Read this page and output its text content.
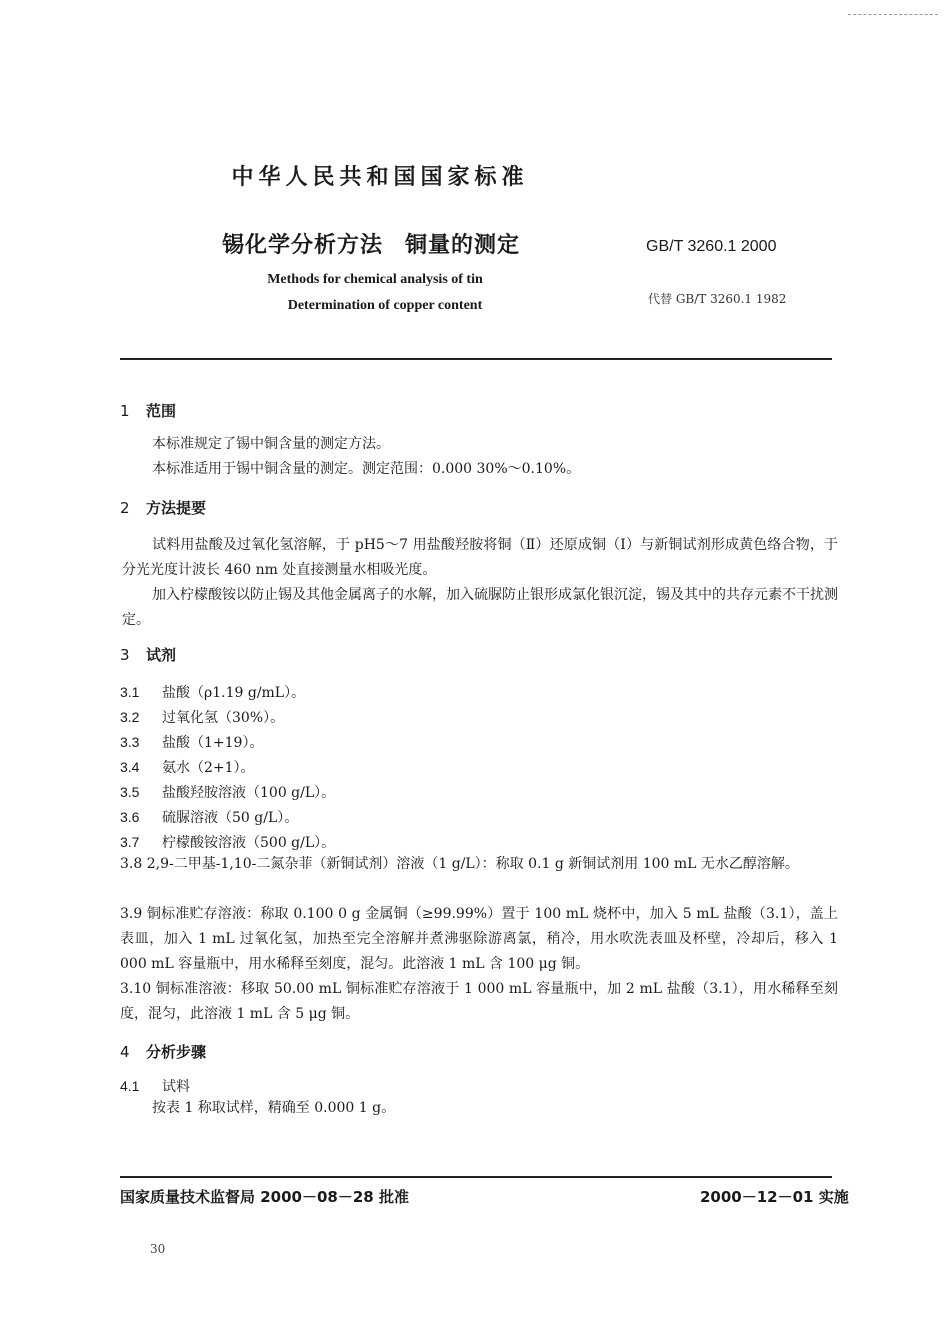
中华人民共和国国家标准
锡化学分析方法 铜量的测定	GB/T 3260.1 2000
Methods for chemical analysis of tin
Determination of copper content	代替 GB/T 3260.1 1982
1 范围
本标准规定了锡中铜含量的测定方法。
本标准适用于锡中铜含量的测定。测定范围：0.000 30%～0.10%。
2 方法提要
试料用盐酸及过氧化氢溶解，于 pH5～7 用盐酸羟胺将铜（Ⅱ）还原成铜（Ⅰ）与新铜试剂形成黄色络合物，于分光光度计波长 460 nm 处直接测量水相吸光度。
加入柠檬酸铵以防止锡及其他金属离子的水解，加入硫脲防止银形成氯化银沉淀，锡及其中的共存元素不干扰测定。
3 试剂
3.1 盐酸（ρ1.19 g/mL）。
3.2 过氧化氢（30%）。
3.3 盐酸（1+19）。
3.4 氨水（2+1）。
3.5 盐酸羟胺溶液（100 g/L）。
3.6 硫脲溶液（50 g/L）。
3.7 柠檬酸铵溶液（500 g/L）。
3.8 2,9-二甲基-1,10-二氮杂菲（新铜试剂）溶液（1 g/L）：称取 0.1 g 新铜试剂用 100 mL 无水乙醇溶解。
3.9 铜标准贮存溶液：称取 0.100 0 g 金属铜（≥99.99%）置于 100 mL 烧杯中，加入 5 mL 盐酸（3.1），盖上表皿，加入 1 mL 过氧化氢，加热至完全溶解并煮沸驱除游离氯，稍冷，用水吹洗表皿及杯壁，冷却后，移入 1 000 mL 容量瓶中，用水稀释至刻度，混匀。此溶液 1 mL 含 100 μg 铜。
3.10 铜标准溶液：移取 50.00 mL 铜标准贮存溶液于 1 000 mL 容量瓶中，加 2 mL 盐酸（3.1），用水稀释至刻度，混匀，此溶液 1 mL 含 5 μg 铜。
4 分析步骤
4.1 试料
按表 1 称取试样，精确至 0.000 1 g。
国家质量技术监督局 2000－08－28 批准	2000－12－01 实施
30
